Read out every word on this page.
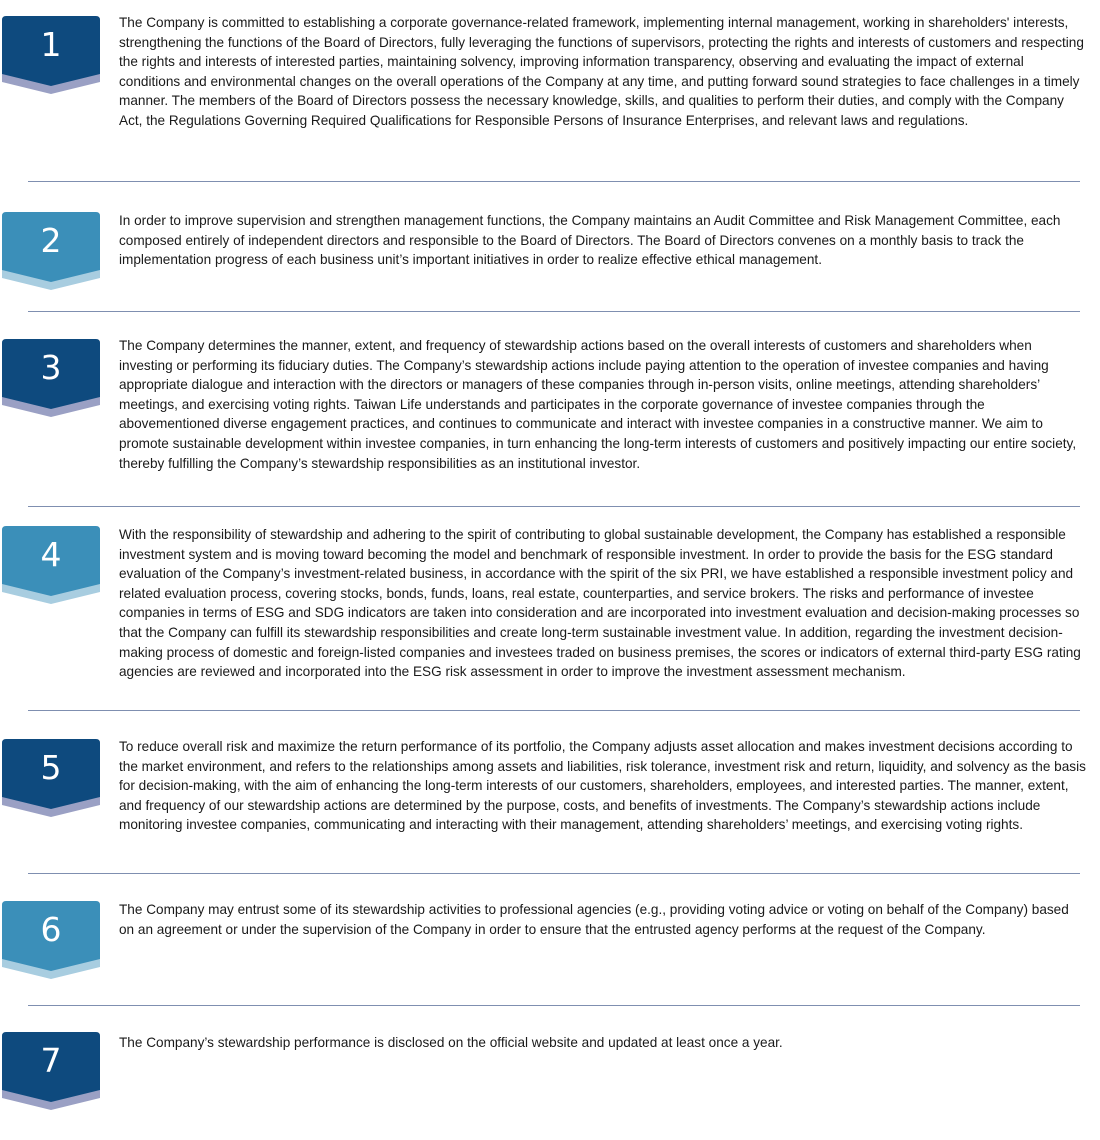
1

The Company is committed to establishing a corporate governance-related framework, implementing internal management, working in shareholders' interests, strengthening the functions of the Board of Directors, fully leveraging the functions of supervisors, protecting the rights and interests of customers and respecting the rights and interests of interested parties, maintaining solvency, improving information transparency, observing and evaluating the impact of external conditions and environmental changes on the overall operations of the Company at any time, and putting forward sound strategies to face challenges in a timely manner. The members of the Board of Directors possess the necessary knowledge, skills, and qualities to perform their duties, and comply with the Company Act, the Regulations Governing Required Qualifications for Responsible Persons of Insurance Enterprises, and relevant laws and regulations.

2

In order to improve supervision and strengthen management functions, the Company maintains an Audit Committee and Risk Management Committee, each composed entirely of independent directors and responsible to the Board of Directors. The Board of Directors convenes on a monthly basis to track the implementation progress of each business unit’s important initiatives in order to realize effective ethical management.

3

The Company determines the manner, extent, and frequency of stewardship actions based on the overall interests of customers and shareholders when investing or performing its fiduciary duties. The Company’s stewardship actions include paying attention to the operation of investee companies and having appropriate dialogue and interaction with the directors or managers of these companies through in-person visits, online meetings, attending shareholders’ meetings, and exercising voting rights. Taiwan Life understands and participates in the corporate governance of investee companies through the abovementioned diverse engagement practices, and continues to communicate and interact with investee companies in a constructive manner. We aim to promote sustainable development within investee companies, in turn enhancing the long-term interests of customers and positively impacting our entire society, thereby fulfilling the Company’s stewardship responsibilities as an institutional investor.

4

With the responsibility of stewardship and adhering to the spirit of contributing to global sustainable development, the Company has established a responsible investment system and is moving toward becoming the model and benchmark of responsible investment. In order to provide the basis for the ESG standard evaluation of the Company’s investment-related business, in accordance with the spirit of the six PRI, we have established a responsible investment policy and related evaluation process, covering stocks, bonds, funds, loans, real estate, counterparties, and service brokers. The risks and performance of investee companies in terms of ESG and SDG indicators are taken into consideration and are incorporated into investment evaluation and decision-making processes so that the Company can fulfill its stewardship responsibilities and create long-term sustainable investment value. In addition, regarding the investment decision-making process of domestic and foreign-listed companies and investees traded on business premises, the scores or indicators of external third-party ESG rating agencies are reviewed and incorporated into the ESG risk assessment in order to improve the investment assessment mechanism.

5

To reduce overall risk and maximize the return performance of its portfolio, the Company adjusts asset allocation and makes investment decisions according to the market environment, and refers to the relationships among assets and liabilities, risk tolerance, investment risk and return, liquidity, and solvency as the basis for decision-making, with the aim of enhancing the long-term interests of our customers, shareholders, employees, and interested parties. The manner, extent, and frequency of our stewardship actions are determined by the purpose, costs, and benefits of investments. The Company’s stewardship actions include monitoring investee companies, communicating and interacting with their management, attending shareholders’ meetings, and exercising voting rights.

6

The Company may entrust some of its stewardship activities to professional agencies (e.g., providing voting advice or voting on behalf of the Company) based on an agreement or under the supervision of the Company in order to ensure that the entrusted agency performs at the request of the Company.

7	The Company’s stewardship performance is disclosed on the official website and updated at least once a year.
